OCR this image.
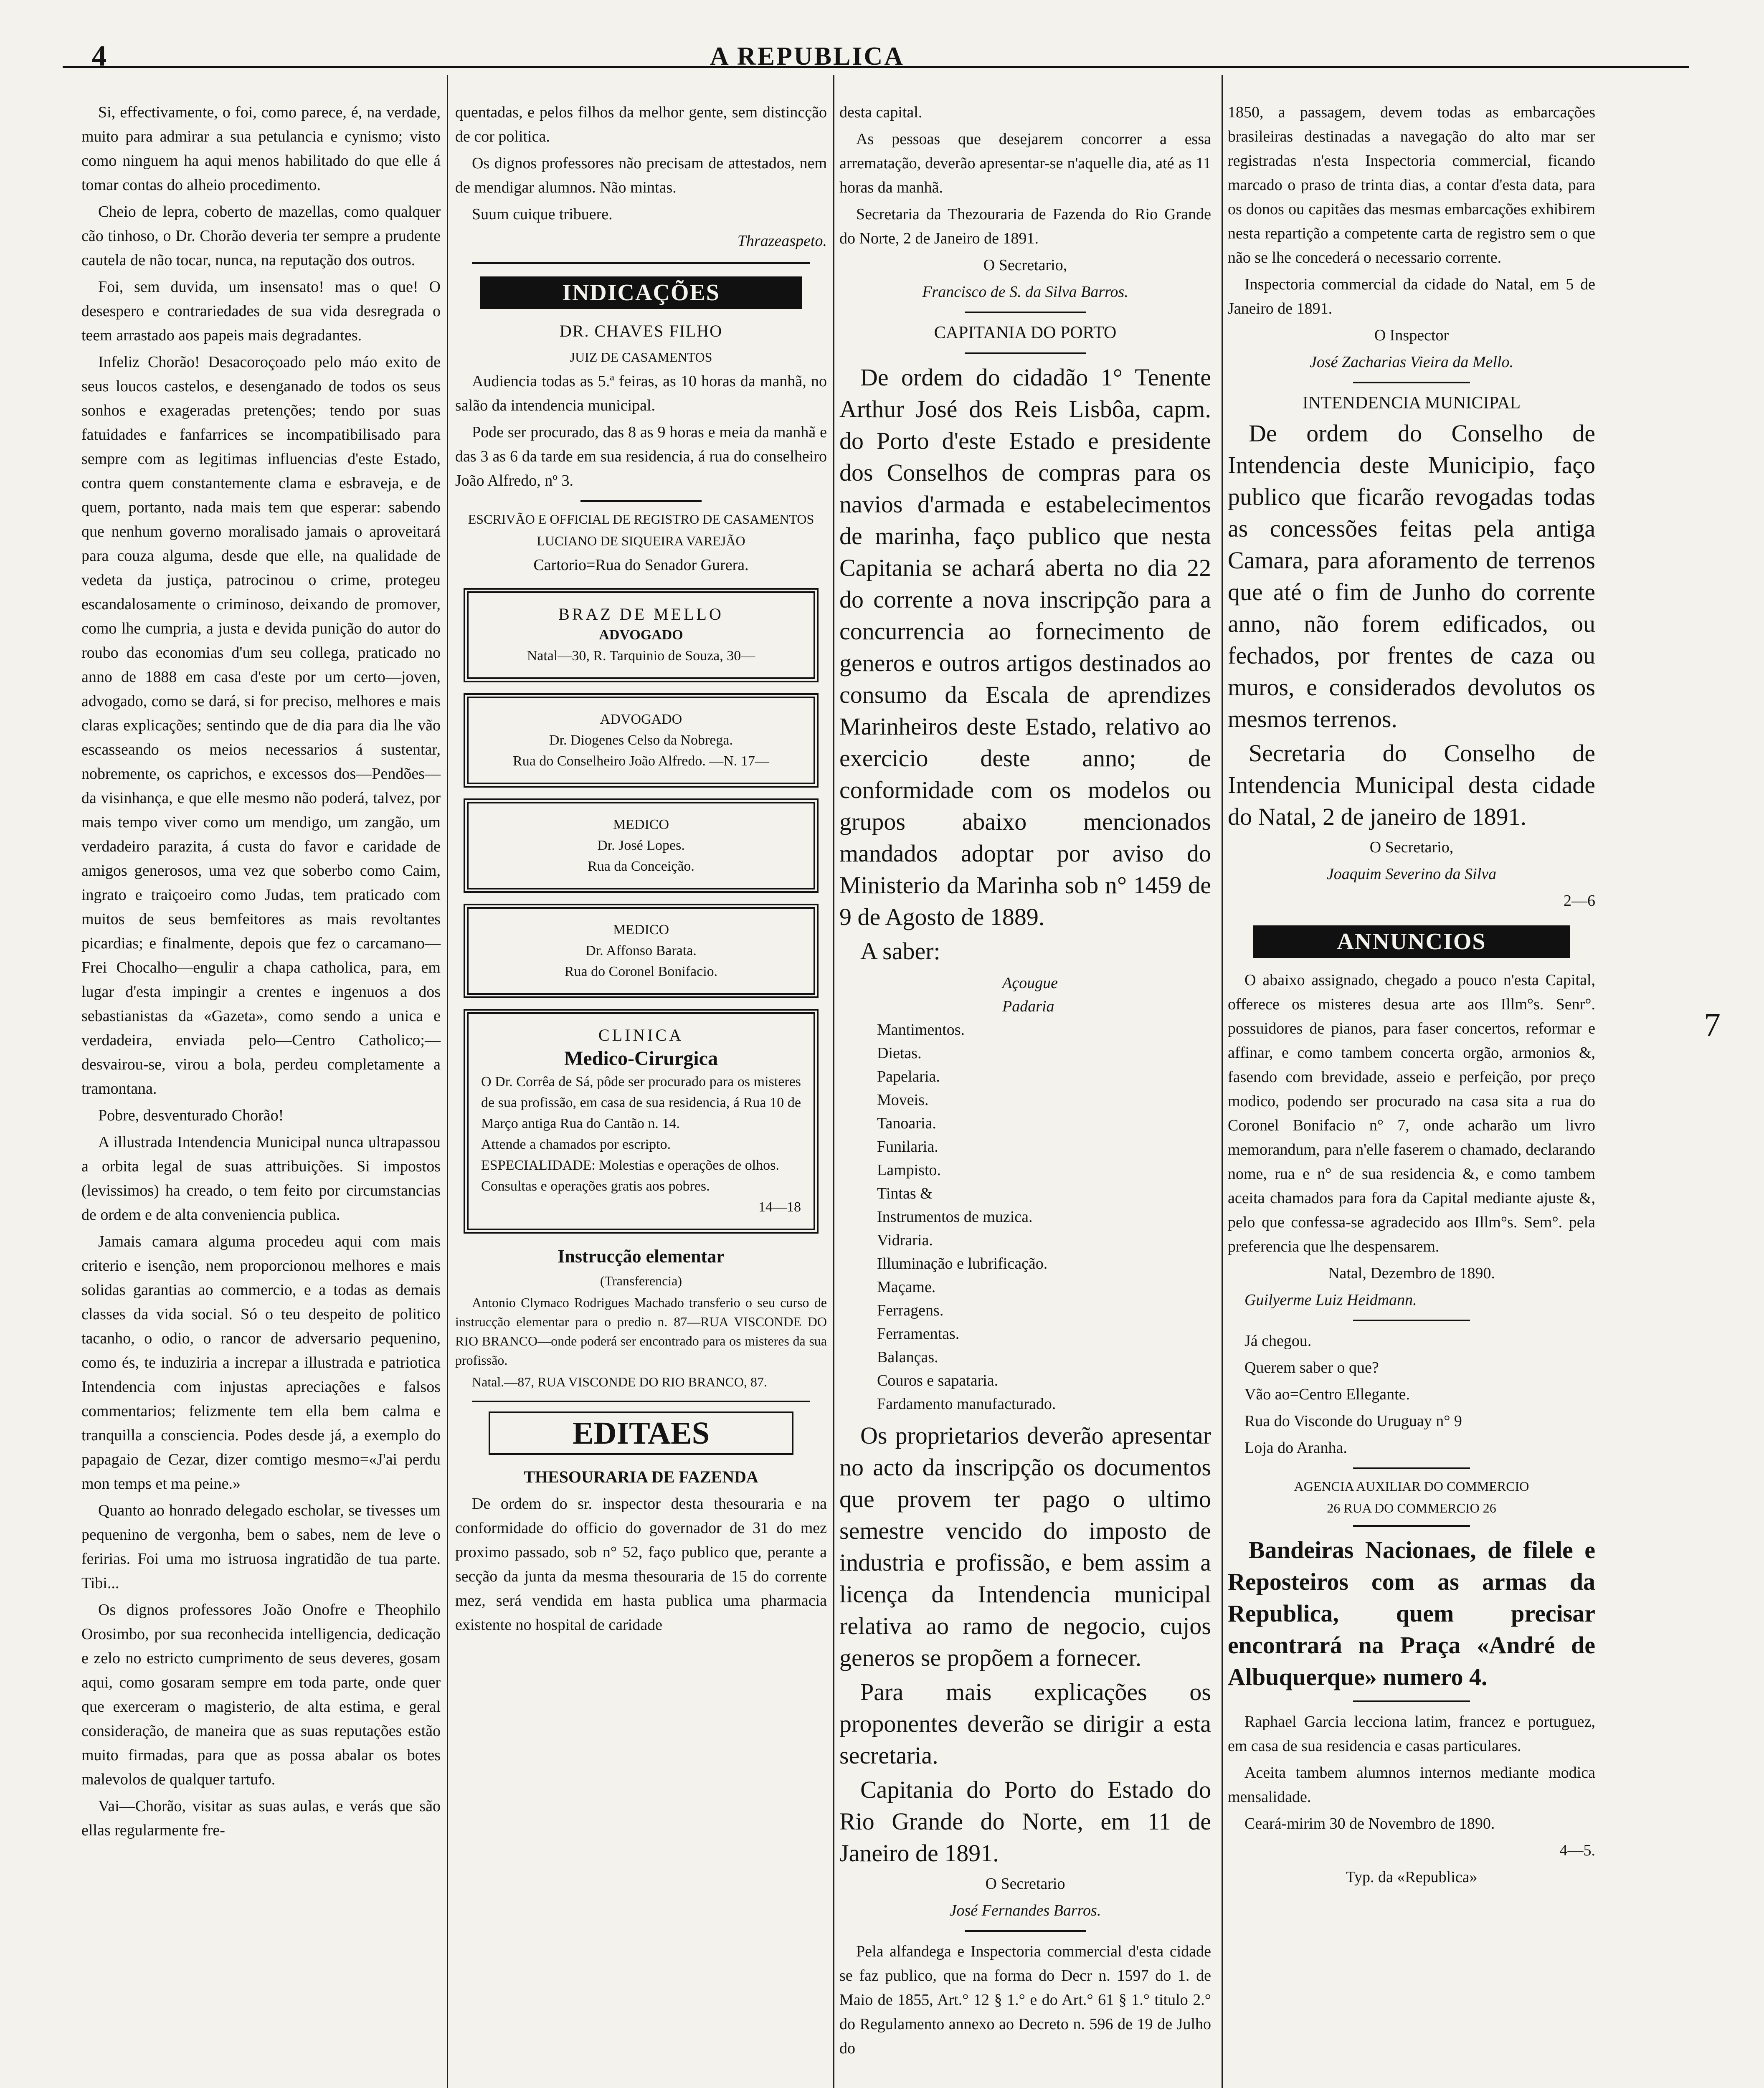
4	A REPUBLICA

Si, effectivamente, o foi, como parece, é, na verdade, muito para admirar a sua petulancia e cynismo; visto como ninguem ha aqui menos habilitado do que elle á tomar contas do alheio procedimento.

Cheio de lepra, coberto de mazellas, como qualquer cão tinhoso, o Dr. Chorão deveria ter sempre a prudente cautela de não tocar, nunca, na reputação dos outros.

Foi, sem duvida, um insensato! mas o que! O desespero e contrariedades de sua vida desregrada o teem arrastado aos papeis mais degradantes.

Infeliz Chorão! Desacoroçoado pelo máo exito de seus loucos castelos, e desenganado de todos os seus sonhos e exageradas pretenções; tendo por suas fatuidades e fanfarrices se incompatibilisado para sempre com as legitimas influencias d'este Estado, contra quem constantemente clama e esbraveja, e de quem, portanto, nada mais tem que esperar: sabendo que nenhum governo moralisado jamais o aproveitará para couza alguma, desde que elle, na qualidade de vedeta da justiça, patrocinou o crime, protegeu escandalosamente o criminoso, deixando de promover, como lhe cumpria, a justa e devida punição do autor do roubo das economias d'um seu collega, praticado no anno de 1888 em casa d'este por um certo—joven, advogado, como se dará, si for preciso, melhores e mais claras explicações; sentindo que de dia para dia lhe vão escasseando os meios necessarios á sustentar, nobremente, os caprichos, e excessos dos—Pendões—da visinhança, e que elle mesmo não poderá, talvez, por mais tempo viver como um mendigo, um zangão, um verdadeiro parazita, á custa do favor e caridade de amigos generosos, uma vez que soberbo como Caim, ingrato e traiçoeiro como Judas, tem praticado com muitos de seus bemfeitores as mais revoltantes picardias; e finalmente, depois que fez o carcamano—Frei Chocalho—engulir a chapa catholica, para, em lugar d'esta impingir a crentes e ingenuos a dos sebastianistas da «Gazeta», como sendo a unica e verdadeira, enviada pelo—Centro Catholico;—desvairou-se, virou a bola, perdeu completamente a tramontana.

Pobre, desventurado Chorão!

A illustrada Intendencia Municipal nunca ultrapassou a orbita legal de suas attribuições. Si impostos (levissimos) ha creado, o tem feito por circumstancias de ordem e de alta conveniencia publica.

Jamais camara alguma procedeu aqui com mais criterio e isenção, nem proporcionou melhores e mais solidas garantias ao commercio, e a todas as demais classes da vida social. Só o teu despeito de politico tacanho, o odio, o rancor de adversario pequenino, como és, te induziria a increpar a illustrada e patriotica Intendencia com injustas apreciações e falsos commentarios; felizmente tem ella bem calma e tranquilla a consciencia. Podes desde já, a exemplo do papagaio de Cezar, dizer comtigo mesmo=«J'ai perdu mon temps et ma peine.»

Quanto ao honrado delegado escholar, se tivesses um pequenino de vergonha, bem o sabes, nem de leve o feririas. Foi uma mo istruosa ingratidão de tua parte. Tibi...

Os dignos professores João Onofre e Theophilo Orosimbo, por sua reconhecida intelligencia, dedicação e zelo no estricto cumprimento de seus deveres, gosam aqui, como gosaram sempre em toda parte, onde quer que exerceram o magisterio, de alta estima, e geral consideração, de maneira que as suas reputações estão muito firmadas, para que as possa abalar os botes malevolos de qualquer tartufo.

Vai—Chorão, visitar as suas aulas, e verás que são ellas regularmente fre-

quentadas, e pelos filhos da melhor gente, sem distincção de cor politica.

Os dignos professores não precisam de attestados, nem de mendigar alumnos. Não mintas.

Suum cuique tribuere.

Thrazeaspeto.

INDICAÇÕES
DR. CHAVES FILHO

JUIZ DE CASAMENTOS

Audiencia todas as 5.ª feiras, as 10 horas da manhã, no salão da intendencia municipal.

Pode ser procurado, das 8 as 9 horas e meia da manhã e das 3 as 6 da tarde em sua residencia, á rua do conselheiro João Alfredo, nº 3.

ESCRIVÃO E OFFICIAL DE REGISTRO DE CASAMENTOS

LUCIANO DE SIQUEIRA VAREJÃO

Cartorio=Rua do Senador Gurera.

BRAZ DE MELLO
ADVOGADO
Natal—30, R. Tarquinio de Souza, 30—
ADVOGADO
Dr. Diogenes Celso da Nobrega.
Rua do Conselheiro João Alfredo. —N. 17—
MEDICO
Dr. José Lopes.
Rua da Conceição.
MEDICO
Dr. Affonso Barata.
Rua do Coronel Bonifacio.
CLINICA
Medico-Cirurgica
O Dr. Corrêa de Sá, pôde ser procurado para os misteres de sua profissão, em casa de sua residencia, á Rua 10 de Março antiga Rua do Cantão n. 14.
Attende a chamados por escripto.
ESPECIALIDADE: Molestias e operações de olhos.
Consultas e operações gratis aos pobres.
14—18

Instrucção elementar

(Transferencia)

Antonio Clymaco Rodrigues Machado transferio o seu curso de instrucção elementar para o predio n. 87—RUA VISCONDE DO RIO BRANCO—onde poderá ser encontrado para os misteres da sua profissão.

Natal.—87, RUA VISCONDE DO RIO BRANCO, 87.

EDITAES

THESOURARIA DE FAZENDA

De ordem do sr. inspector desta thesouraria e na conformidade do officio do governador de 31 do mez proximo passado, sob n° 52, faço publico que, perante a secção da junta da mesma thesouraria de 15 do corrente mez, será vendida em hasta publica uma pharmacia existente no hospital de caridade

desta capital.

As pessoas que desejarem concorrer a essa arrematação, deverão apresentar-se n'aquelle dia, até as 11 horas da manhã.

Secretaria da Thezouraria de Fazenda do Rio Grande do Norte, 2 de Janeiro de 1891.

O Secretario,

Francisco de S. da Silva Barros.

CAPITANIA DO PORTO

De ordem do cidadão 1° Tenente Arthur José dos Reis Lisbôa, capm. do Porto d'este Estado e presidente dos Conselhos de compras para os navios d'armada e estabelecimentos de marinha, faço publico que nesta Capitania se achará aberta no dia 22 do corrente a nova inscripção para a concurrencia ao fornecimento de generos e outros artigos destinados ao consumo da Escala de aprendizes Marinheiros deste Estado, relativo ao exercicio deste anno; de conformidade com os modelos ou grupos abaixo mencionados mandados adoptar por aviso do Ministerio da Marinha sob n° 1459 de 9 de Agosto de 1889.

A saber:

Açougue
Padaria
Mantimentos.
Dietas.
Papelaria.
Moveis.
Tanoaria.
Funilaria.
Lampisto.
Tintas &
Instrumentos de muzica.
Vidraria.
Illuminação e lubrificação.
Maçame.
Ferragens.
Ferramentas.
Balanças.
Couros e sapataria.
Fardamento manufacturado.

Os proprietarios deverão apresentar no acto da inscripção os documentos que provem ter pago o ultimo semestre vencido do imposto de industria e profissão, e bem assim a licença da Intendencia municipal relativa ao ramo de negocio, cujos generos se propõem a fornecer.

Para mais explicações os proponentes deverão se dirigir a esta secretaria.

Capitania do Porto do Estado do Rio Grande do Norte, em 11 de Janeiro de 1891.

O Secretario

José Fernandes Barros.

Pela alfandega e Inspectoria commercial d'esta cidade se faz publico, que na forma do Decr n. 1597 do 1. de Maio de 1855, Art.° 12 § 1.° e do Art.° 61 § 1.° titulo 2.° do Regulamento annexo ao Decreto n. 596 de 19 de Julho do

1850, a passagem, devem todas as embarcações brasileiras destinadas a navegação do alto mar ser registradas n'esta Inspectoria commercial, ficando marcado o praso de trinta dias, a contar d'esta data, para os donos ou capitães das mesmas embarcações exhibirem nesta repartição a competente carta de registro sem o que não se lhe concederá o necessario corrente.

Inspectoria commercial da cidade do Natal, em 5 de Janeiro de 1891.

O Inspector

José Zacharias Vieira da Mello.

INTENDENCIA MUNICIPAL

De ordem do Conselho de Intendencia deste Municipio, faço publico que ficarão revogadas todas as concessões feitas pela antiga Camara, para aforamento de terrenos que até o fim de Junho do corrente anno, não forem edificados, ou fechados, por frentes de caza ou muros, e considerados devolutos os mesmos terrenos.

Secretaria do Conselho de Intendencia Municipal desta cidade do Natal, 2 de janeiro de 1891.

O Secretario,

Joaquim Severino da Silva

2—6

ANNUNCIOS

O abaixo assignado, chegado a pouco n'esta Capital, offerece os misteres desua arte aos Illm°s. Senr°. possuidores de pianos, para faser concertos, reformar e affinar, e como tambem concerta orgão, armonios &, fasendo com brevidade, asseio e perfeição, por preço modico, podendo ser procurado na casa sita a rua do Coronel Bonifacio n° 7, onde acharão um livro memorandum, para n'elle faserem o chamado, declarando nome, rua e n° de sua residencia &, e como tambem aceita chamados para fora da Capital mediante ajuste &, pelo que confessa-se agradecido aos Illm°s. Sem°. pela preferencia que lhe despensarem.

Natal, Dezembro de 1890.

Guilyerme Luiz Heidmann.

Já chegou.

Querem saber o que?

Vão ao=Centro Ellegante.

Rua do Visconde do Uruguay n° 9

Loja do Aranha.

AGENCIA AUXILIAR DO COMMERCIO

26 RUA DO COMMERCIO 26

Bandeiras Nacionaes, de filele e Reposteiros com as armas da Republica, quem precisar encontrará na Praça «André de Albuquerque» numero 4.

Raphael Garcia lecciona latim, francez e portuguez, em casa de sua residencia e casas particulares.

Aceita tambem alumnos internos mediante modica mensalidade.

Ceará-mirim 30 de Novembro de 1890.

4—5.

Typ. da «Republica»

7
